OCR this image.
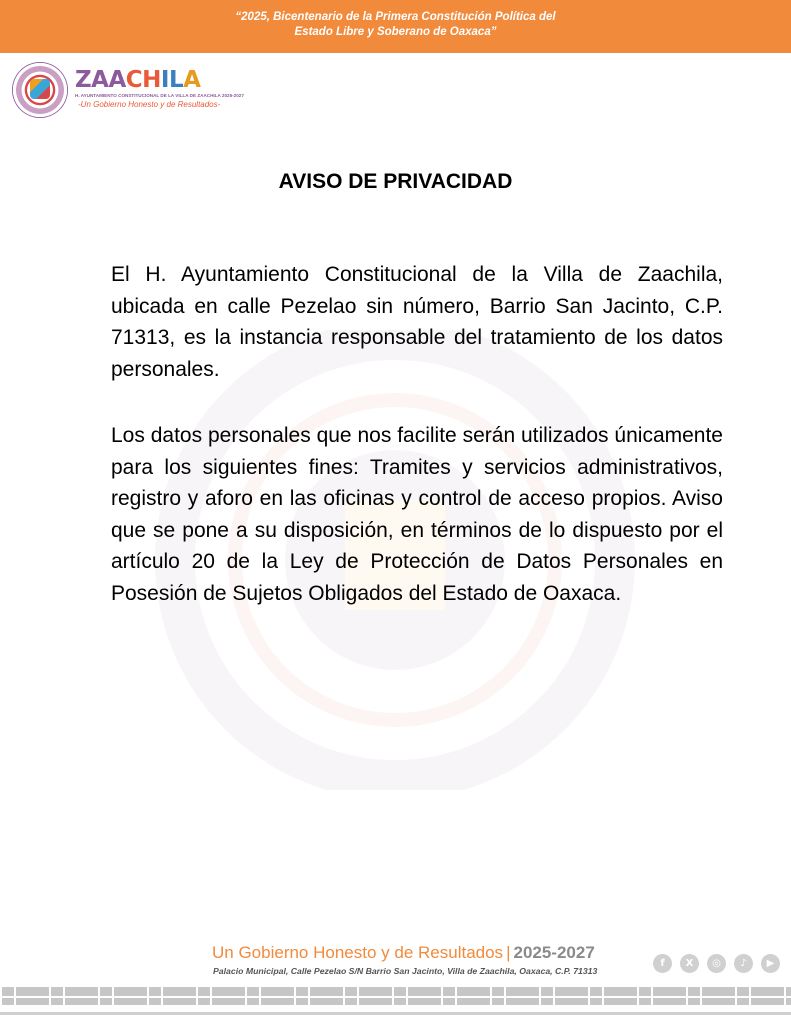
“2025, Bicentenario de la Primera Constitución Política del
Estado Libre y Soberano de Oaxaca”
ZAACHILA
H. AYUNTAMIENTO CONSTITUCIONAL DE LA VILLA DE ZAACHILA 2025-2027
-Un Gobierno Honesto y de Resultados-
AVISO DE PRIVACIDAD

El H. Ayuntamiento Constitucional de la Villa de Zaachila, ubicada en calle Pezelao sin número, Barrio San Jacinto, C.P. 71313, es la instancia responsable del tratamiento de los datos personales.

Los datos personales que nos facilite serán utilizados únicamente para los siguientes fines: Tramites y servicios administrativos, registro y aforo en las oficinas y control de acceso propios. Aviso que se pone a su disposición, en términos de lo dispuesto por el artículo 20 de la Ley de Protección de Datos Personales en Posesión de Sujetos Obligados del Estado de Oaxaca.

Un Gobierno Honesto y de Resultados | 2025-2027
Palacio Municipal, Calle Pezelao S/N Barrio San Jacinto, Villa de Zaachila, Oaxaca, C.P. 71313
f	X	◎	♪	▶
